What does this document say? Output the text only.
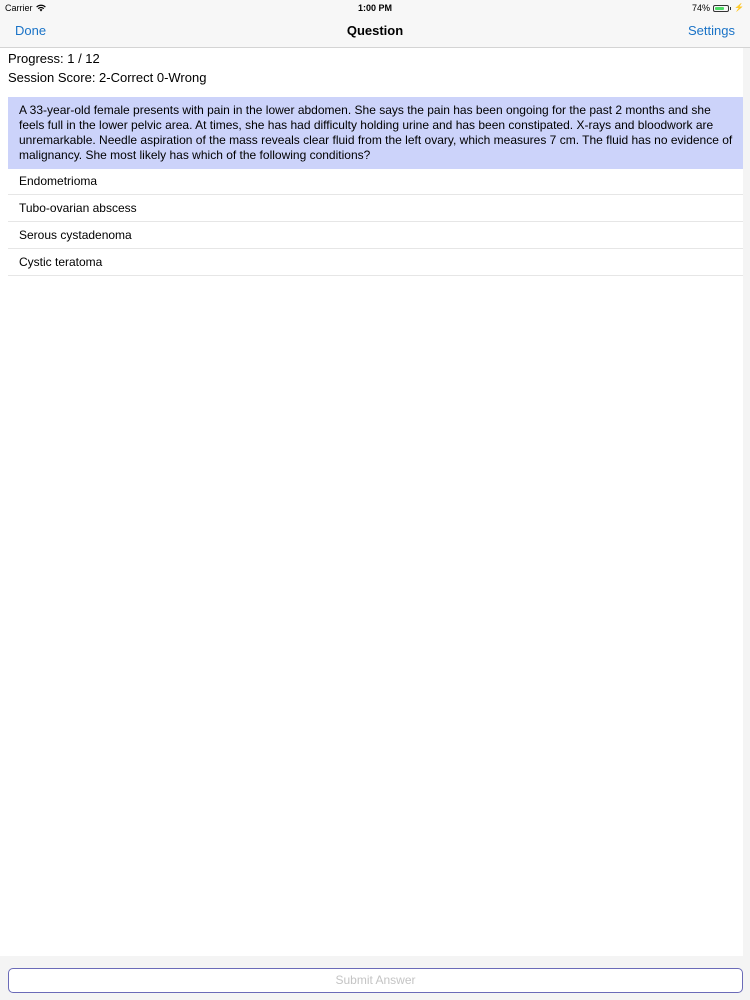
Carrier	1:00 PM	74%	⚡
Done	Question	Settings
Progress: 1 / 12
Session Score: 2-Correct 0-Wrong
A 33-year-old female presents with pain in the lower abdomen. She says the pain has been ongoing for the past 2 months and she feels full in the lower pelvic area. At times, she has had difficulty holding urine and has been constipated. X-rays and bloodwork are unremarkable. Needle aspiration of the mass reveals clear fluid from the left ovary, which measures 7 cm. The fluid has no evidence of malignancy. She most likely has which of the following conditions?
Endometrioma
Tubo-ovarian abscess
Serous cystadenoma
Cystic teratoma
Submit Answer
